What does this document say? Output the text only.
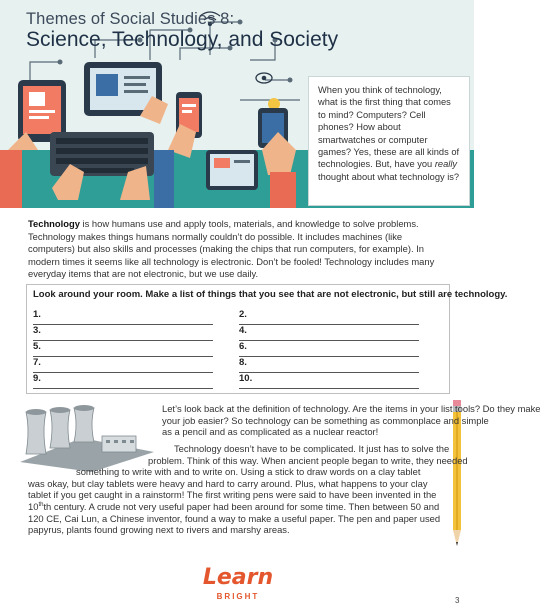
Themes of Social Studies 8:
Science, Technology, and Society
When you think of technology, what is the first thing that comes to mind? Computers? Cell phones? How about smartwatches or computer games? Yes, these are all kinds of technologies. But, have you really thought about what technology is?
Technology is how humans use and apply tools, materials, and knowledge to solve problems. Technology makes things humans normally couldn’t do possible. It includes machines (like computers) but also skills and processes (making the chips that run computers, for example). In modern times it seems like all technology is electronic. Don’t be fooled! Technology includes many everyday items that are not electronic, but we use daily.
Look around your room. Make a list of things that you see that are not electronic, but still are technology.
1.
3.
5.
7.
9.
2.
4.
6.
8.
10.
Let’s look back at the definition of technology. Are the items in your list tools? Do they make
your job easier? So technology can be something as commonplace and simple
as a pencil and as complicated as a nuclear reactor!
Technology doesn’t have to be complicated. It just has to solve the
problem. Think of this way. When ancient people began to write, they needed
something to write with and to write on. Using a stick to draw words on a clay tablet
was okay, but clay tablets were heavy and hard to carry around. Plus, what happens to your clay
tablet if you get caught in a rainstorm! The first writing pens were said to have been invented in the
10thth century. A crude not very useful paper had been around for some time. Then between 50 and
120 CE, Cai Lun, a Chinese inventor, found a way to make a useful paper. The pen and paper used
papyrus, plants found growing next to rivers and marshy areas.
Learn
BRIGHT	3
